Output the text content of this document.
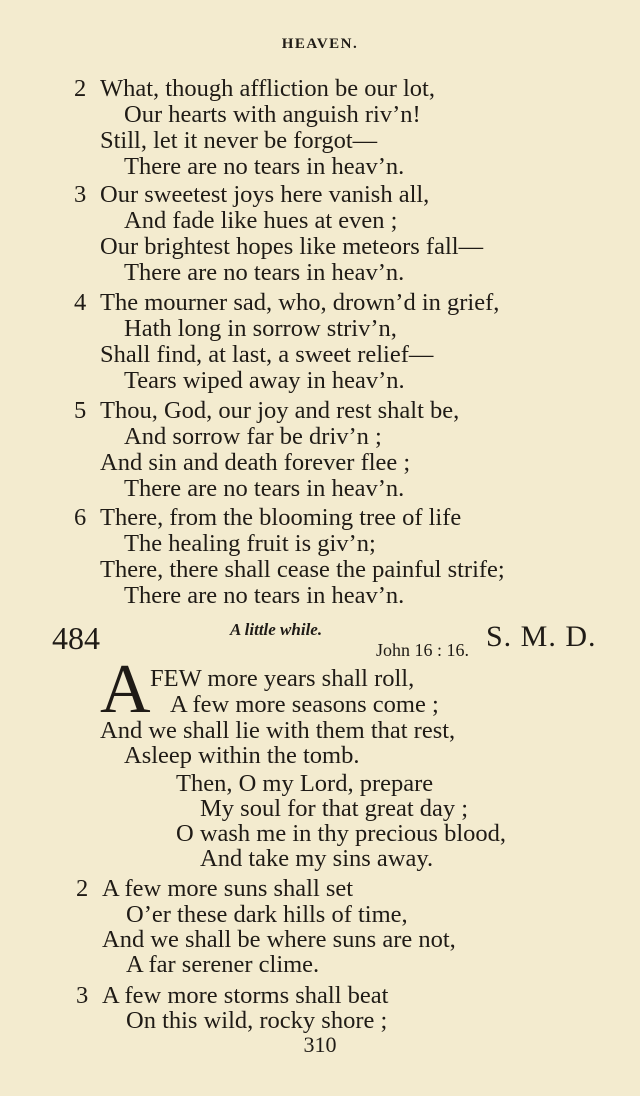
HEAVEN.
2 What, though affliction be our lot,
Our hearts with anguish riv’n!
Still, let it never be forgot—
There are no tears in heav’n.
3 Our sweetest joys here vanish all,
And fade like hues at even ;
Our brightest hopes like meteors fall—
There are no tears in heav’n.
4 The mourner sad, who, drown’d in grief,
Hath long in sorrow striv’n,
Shall find, at last, a sweet relief—
Tears wiped away in heav’n.
5 Thou, God, our joy and rest shalt be,
And sorrow far be driv’n ;
And sin and death forever flee ;
There are no tears in heav’n.
6 There, from the blooming tree of life
The healing fruit is giv’n;
There, there shall cease the painful strife;
There are no tears in heav’n.
484	A little while.
John 16 : 16. S. M. D.
A FEW more years shall roll,
A few more seasons come ;
And we shall lie with them that rest,
Asleep within the tomb.
Then, O my Lord, prepare
My soul for that great day ;
O wash me in thy precious blood,
And take my sins away.
2 A few more suns shall set
O’er these dark hills of time,
And we shall be where suns are not,
A far serener clime.
3 A few more storms shall beat
On this wild, rocky shore ;
310
